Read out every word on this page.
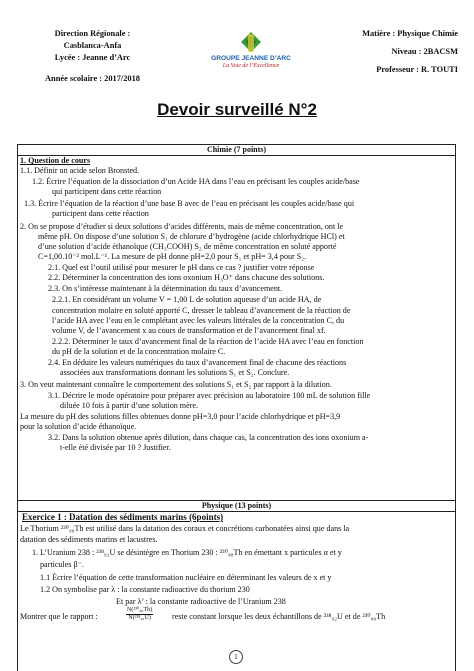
Direction Régionale :
Casblanca-Anfa
Lycée : Jeanne d’Arc
Année scolaire : 2017/2018
GROUPE JEANNE D’ARC
La Voie de l’Excellence
Matière : Physique Chimie
Niveau : 2BACSM
Professeur : R. TOUTI
Devoir surveillé N°2
Chimie (7 points)
1. Question de cours
1.1. Définir un acide selon Bronsted.
1.2. Écrire l’équation de la dissociation d’un Acide HA dans l’eau en précisant les couples acide/base
qui participent dans cette réaction
1.3. Écrire l’équation de la réaction d’une base B avec de l’eau en précisant les couples acide/base qui
participent dans cette réaction
2. On se propose d’étudier si deux solutions d’acides différents, mais de même concentration, ont le
même pH. On dispose d’une solution S₁ de chlorure d’hydrogène (acide chlorhydrique HCl) et
d’une solution d’acide éthanoïque (CH₃COOH) S₂ de même concentration en soluté apporté
C=1,00.10⁻² mol.L⁻¹. La mesure de pH donne pH=2,0 pour S₁ et pH= 3,4 pour S₂.
2.1. Quel est l’outil utilisé pour mesurer le pH dans ce cas ? justifier votre réponse
2.2. Déterminer la concentration des ions oxonium H₃O⁺ dans chacune des solutions.
2.3. On s’intéresse maintenant à la détermination du taux d’avancement.
2.2.1. En considérant un volume V = 1,00 L de solution aqueuse d’un acide HA, de
concentration molaire en soluté apporté C, dresser le tableau d’avancement de la réaction de
l’acide HA avec l’eau en le complétant avec les valeurs littérales de la concentration C, du
volume V, de l’avancement x au cours de transformation et de l’avancement final xf.
2.2.2. Déterminer le taux d’avancement final de la réaction de l’acide HA avec l’eau en fonction
du pH de la solution et de la concentration molaire C.
2.4. En déduire les valeurs numériques du taux d’avancement final de chacune des réactions
associées aux transformations donnant les solutions S₁ et S₂. Conclure.
3. On veut maintenant connaître le comportement des solutions S₁ et S₂ par rapport à la dilution.
3.1. Décrire le mode opératoire pour préparer avec précision au laboratoire 100 mL de solution fille
diluée 10 fois à partir d’une solution mère.
La mesure du pH des solutions filles obtenues donne pH=3,0 pour l’acide chlorhydrique et pH=3,9
pour la solution d’acide éthanoïque.
3.2. Dans la solution obtenue après dilution, dans chaque cas, la concentration des ions oxonium a-
t-elle été divisée par 10 ? Justifier.
Physique (13 points)
Exercice 1 : Datation des sédiments marins (6points)
Le Thorium ²³⁰₉₀Th est utilisé dans la datation des coraux et concrétions carbonatées ainsi que dans la
datation des sédiments marins et lacustres.
1. L’Uranium 238 : ²³⁸₉₂U se désintègre en Thorium 230 : ²³⁰₉₀Th en émettant x particules α et y
particules β⁻.
1.1 Écrire l’équation de cette transformation nucléaire en déterminant les valeurs de x et y
1.2 On symbolise par λ : la constante radioactive du thorium 230
Et par λ’ : la constante radioactive de l’Uranium 238
Montrer que le rapport :	$\frac{\text{N(²³⁰₉₀Th)}}{\text{N(²³⁸₉₂U)}}$ reste constant lorsque les deux échantillons de ²³⁸₉₂U et de ²³⁰₉₀Th
1
